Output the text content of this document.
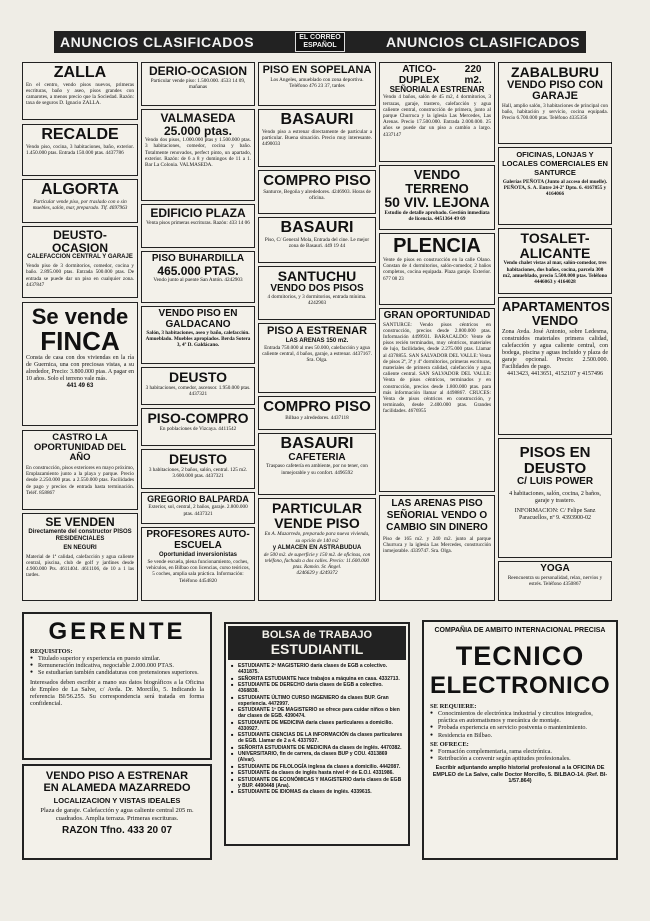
ANUNCIOS CLASIFICADOS	EL CORREO
ESPAÑOL	ANUNCIOS CLASIFICADOS
ZALLA
En el centro, vendo pisos nuevos, primeras escrituras, baño y aseo, pisos grandes con camarotes, a menos precio que la Sociedad. Razón: taxa de seguros D. Ignacio ZALLA.
RECALDE
Vendo piso, cocina, 3 habitaciones, baño, exterior. 1.450.000 ptas. Entrada 150.000 ptas. 4437786
ALGORTA
Particular vende piso, por traslado con o sin muebles, salón, mar, preparado. Tlf. 4697963
DEUSTO-OCASION
CALEFACCION CENTRAL Y GARAJE
Vendo piso de 3 dormitorios, comedor, cocina y baño. 2.895.000 ptas. Entrada 500.000 ptas. De entrada se puede dar un piso en cualquier zona. 4437847
Se vende
FINCA
Consta de casa con dos viviendas en la ría de Guernica, una con preciosas vistas, a su alrededor, Precio: 3.800.000 ptas. A pagar en 10 años. Solo el terreno vale más.
441 49 63
CASTRO LA OPORTUNIDAD DEL AÑO
En construcción, pisos exteriores en mayo próximo, Emplazamiento junto a la playa y parque. Precio desde 2.250.000 ptas. a 2.550.000 ptas. Facilidades de pago y precios de entrada hasta terminación. Teléf. 858867
SE VENDEN
Directamente del constructor PISOS RESIDENCIALES
EN NEGURI
Material de 1ª calidad, calefacción y agua caliente central, piscina, club de golf y jardines desde 4.900.000 Pts. 4611404. 4611106, de 10 a 1 las tardes.
DERIO-OCASION
Particular vende piso: 1.500.000. 4533 14 09, mañanas
VALMASEDA
25.000 ptas.
Vendo dos pisos, 1.000.000 ptas y 1.500.000 ptas. 3 habitaciones, comedor, cocina y baño. Totalmente renovados, perfect pinto, un apartado, exterior. Razón: de 6 a 8 y domingos de 11 a 1. Bar La Colonia. VALMASEDA.
EDIFICIO PLAZA
Venta pisos primeras escrituras. Razón: 433 14 06
PISO BUHARDILLA
465.000 PTAS.
Vendo junto al puente San Antón. 4242903
VENDO PISO EN GALDACANO
Salón, 3 habitaciones, aseo y baño, calefacción. Amueblado. Muebles apropiados. Berda Sotera 3, 4º D. Galdácano.
DEUSTO
3 habitaciones, comedor, ascensor. 1.950.000 ptas. 4437321
PISO-COMPRO
En poblaciones de Vizcaya. 4411542
DEUSTO
3 habitaciones, 2 baños, salón, central. 125 m2. 3.600.000 ptas. 4437321
GREGORIO BALPARDA
Exterior, sol, central, 2 baños, garaje. 2.800.000 ptas. 4437321
PROFESORES AUTO-ESCUELA
Oportunidad inversionistas
Se vende escuela, plena funcionamiento, coches, vehículos, en Bilbao con licencias, curso teóricos, 5 coches, amplia sala práctica. Información: Teléfono 4454820
PISO EN SOPELANA
Los Angeles, amueblado con zona deportiva. Teléfono 476 23 37, tardes
BASAURI
Vendo piso a estrenar directamente de particular a particular. Buena situación. Precio muy interesante. 4490033
COMPRO PISO
Santurce, Begoña y alrededores. 4246903. Horas de oficina.
BASAURI
Piso, C/ General Mola, Entrada del cine. Le mejor zona de Basauri. 449 19 44
SANTUCHU
VENDO DOS PISOS
4 dormitorios, y 3 dormitorios, entrada mínima. 4242903
PISO A ESTRENAR
LAS ARENAS 150 m2.
Entrada 750.000 al mes 50.000, calefacción y agua caliente central, 4 baños, garaje, a estrenar. 4437167. Sra. Olga.
COMPRO PISO
Bilbao y alrededores. 4437118
BASAURI
CAFETERIA
Traspaso cafetería en ambiente, por no tener, con inmejorable y su confort. 4496592
PARTICULAR VENDE PISO
En A. Mazarredo, preparado para nueva vivienda, su opción de 140 m2
y ALMACEN EN ASTRABUDUA
de 500 m2. de superficie y 150 m2. de oficinas, con teléfono, fachada a dos calles. Precio: 11.600.000 ptas. Ramón. Sr. Ángel.
4246629 y 4249372
ATICO-DUPLEX
220 m2.
SEÑORIAL A ESTRENAR
Vendo 4 baños, salón de 45 m2, 4 dormitorios, 3 terrazas, garaje, trastero, calefacción y agua caliente central, construcción de primera, junto al parque Churruca y la iglesia Las Mercedes, Las Arenas. Precio 17.500.000. Entrada 2.000.000. 25 años se puede dar un piso a cambio a largo. 4337147
VENDO TERRENO
50 VIV. LEJONA
Estudio de detalle aprobado. Gestión inmediata de licencia. 4451364 49 69
PLENCIA
Vente de pisos en construcción en la calle Olano. Constan de 4 dormitorios, salón-comedor, 2 baños completos, cocina equipada. Plaza garaje. Exterior. 677 08 23
GRAN OPORTUNIDAD
SANTURCE: Vendo pisos céntricos en construcción, precios desde 2.800.000 ptas. Información 4499931. BARACALDO: Vente de pisos recién terminados, muy céntricos, materiales de lujo, facilidades, desde 2.275.000 ptas. Llamar al 4378855. SAN SALVADOR DEL VALLE: Venta de pisos 2ª, 3ª y 4º dormitorios, primeras escrituras, materiales de primera calidad, calefacción y agua caliente central. SAN SALVADOR DEL VALLE: Venta de pisos céntricos, terminados y en construcción, precios desde 1.800.000 ptas. para más información llamar al 4498867. CRUCES: Venta de pisos céntricos en construcción, y terminado, desde 2.400.000 ptas. Grandes facilidades. 4676955
LAS ARENAS PISO SEÑORIAL VENDO O CAMBIO SIN DINERO
Piso de 165 m2. y 240 m2. junto al parque Churruca y la iglesia Las Mercedes, construcción inmejorable. 4339747. Sra. Olga.
ZABALBURU
VENDO PISO CON GARAJE
Hall, amplio salón, 3 habitaciones de principal con baño, habitación y servicio, cocina equipada. Precio 6.700.000 ptas. Teléfono 4335356
OFICINAS, LONJAS Y LOCALES COMERCIALES EN SANTURCE
Galerías PEÑOTA (Junto al acceso del muelle). PEÑOTA, S. A. Entre 24-2º Dpto. 6. 4167855 y 4164066
TOSALET-ALICANTE
Vendo chalet vistas al mar, salón-comedor, tres habitaciones, dos baños, cocina, parcela 300 m2, amueblado, precio 5.500.000 ptas. Teléfono 4446063 y 4164028
APARTAMENTOS
VENDO
Zona Avda. José Antonio, sobre Ledesma, construidos materiales primera calidad, calefacción y agua caliente central, con bodega, piscina y aguas incluido y plaza de garaje opcional. Precio: 2.500.000. Facilidades de pago.
4413423, 4413651, 4152107 y 4157496
PISOS EN DEUSTO
C/ LUIS POWER
4 habitaciones, salón, cocina, 2 baños, garaje y trastero.
INFORMACION: C/ Felipe Sanz Paracuellos, nº 9. 4393900-02
YOGA
Reencuentra su personalidad, relax, nervios y estrés. Teléfono 4350867
GERENTE
REQUISITOS:
● Titulado superior y experiencia en puesto similar.
● Remuneración indicativa, negociable 2.000.000 PTAS.
● Se estudiarían también candidaturas con pretensiones superiores.
Interesados deben escribir a mano sus datos biográficos a la Oficina de Empleo de La Salve, c/ Avda. Dr. Morcillo, 5. Indicando la referencia BI/56.255. Su correspondencia será tratada en forma confidencial.
VENDO PISO A ESTRENAR
EN ALAMEDA MAZARREDO
LOCALIZACION Y VISTAS IDEALES
Plaza de garaje. Calefacción y agua caliente central 205 m. cuadrados. Amplia terraza. Primeras escrituras.
RAZON Tfno. 433 20 07
BOLSA de TRABAJO
ESTUDIANTIL
■ ESTUDIANTE 2º MAGISTERIO daría clases de EGB a colectivo. 4431875.
■ SEÑORITA ESTUDIANTE hace trabajos a máquina en casa. 4332713.
■ ESTUDIANTE DE DERECHO daría clases de EGB a colectivo. 4368838.
■ ESTUDIANTE ÚLTIMO CURSO INGENIERO da clases BUP. Gran experiencia. 4472997.
■ ESTUDIANTE 1º DE MAGISTERIO se ofrece para cuidar niños o bien dar clases de EGB. 4390474.
■ ESTUDIANTE DE MEDICINA daría clases particulares a domicilio. 4330927.
■ ESTUDIANTE CIENCIAS DE LA INFORMACIÓN da clases particulares de EGB. Llamar de 2 a 4. 4337937.
■ SEÑORITA ESTUDIANTE DE MEDICINA da clases de inglés. 4470382.
■ UNIVERSITARIO, fin de carrera, da clases BUP y COU. 4313869 (Alvar).
■ ESTUDIANTE DE FILOLOGÍA inglesa da clases a domicilio. 4442087.
■ ESTUDIANTE da clases de inglés hasta nivel 4º de E.O.I. 4331986.
■ ESTUDIANTE DE ECONÓMICAS Y MAGISTERIO daría clases de EGB y BUP. 4490448 (Ana).
■ ESTUDIANTE DE IDIOMAS da clases de inglés. 4339615.
COMPAÑIA DE AMBITO INTERNACIONAL PRECISA
TECNICO
ELECTRONICO
SE REQUIERE:
● Conocimientos de electrónica industrial y circuitos integrados, práctica en automatismos y mecánica de montaje.
● Probada experiencia en servicio postventa o mantenimiento.
● Residencia en Bilbao.
SE OFRECE:
● Formación complementaria, rama electrónica.
● Retribución a convenir según aptitudes profesionales.
Escribir adjuntando amplio historial profesional a la OFICINA DE EMPLEO de La Salve, calle Doctor Morcillo, 5. BILBAO-14. (Ref. BI-1/57.864)
